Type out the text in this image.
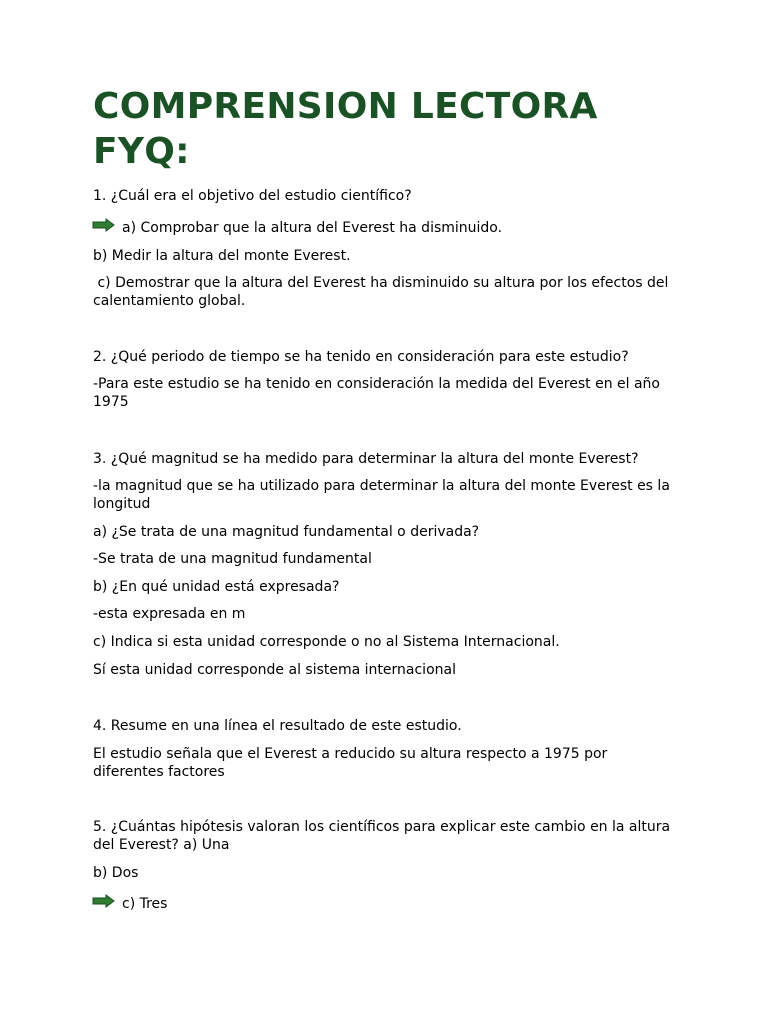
COMPRENSION LECTORA FYQ:

1. ¿Cuál era el objetivo del estudio científico?

a) Comprobar que la altura del Everest ha disminuido.

b) Medir la altura del monte Everest.

c) Demostrar que la altura del Everest ha disminuido su altura por los efectos del calentamiento global.

2. ¿Qué periodo de tiempo se ha tenido en consideración para este estudio?

-Para este estudio se ha tenido en consideración la medida del Everest en el año 1975

3. ¿Qué magnitud se ha medido para determinar la altura del monte Everest?

-la magnitud que se ha utilizado para determinar la altura del monte Everest es la longitud

a) ¿Se trata de una magnitud fundamental o derivada?

-Se trata de una magnitud fundamental

b) ¿En qué unidad está expresada?

-esta expresada en m

c) Indica si esta unidad corresponde o no al Sistema Internacional.

Sí esta unidad corresponde al sistema internacional

4. Resume en una línea el resultado de este estudio.

El estudio señala que el Everest a reducido su altura respecto a 1975 por diferentes factores

5. ¿Cuántas hipótesis valoran los científicos para explicar este cambio en la altura del Everest? a) Una

b) Dos

c) Tres
